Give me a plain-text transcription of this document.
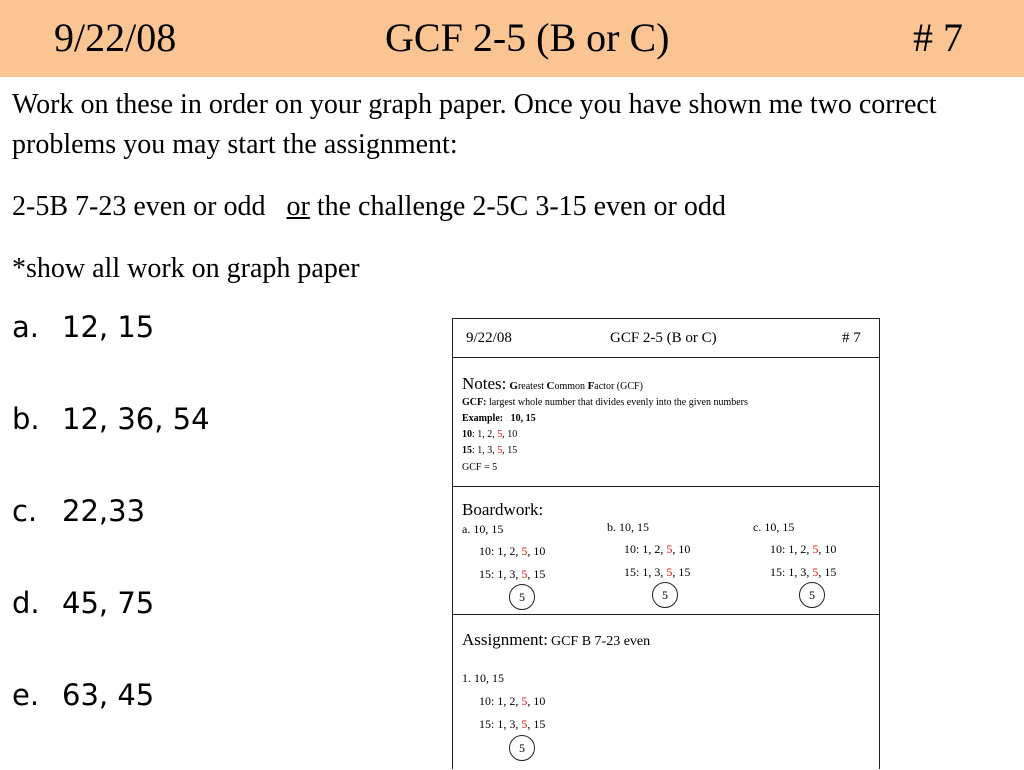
9/22/08	GCF 2-5 (B or C)	# 7
Work on these in order on your graph paper. Once you have shown me two correct problems you may start the assignment:
2-5B 7-23 even or odd or the challenge 2-5C 3-15 even or odd
*show all work on graph paper
a. 12, 15
b. 12, 36, 54
c. 22,33
d. 45, 75
e. 63, 45
9/22/08	GCF 2-5 (B or C)	# 7
Notes: Greatest Common Factor (GCF)
GCF: largest whole number that divides evenly into the given numbers
Example: 10, 15
10: 1, 2, 5, 10
15: 1, 3, 5, 15
GCF = 5
Boardwork:
a. 10, 15
10: 1, 2, 5, 10
15: 1, 3, 5, 15
5
b. 10, 15
10: 1, 2, 5, 10
15: 1, 3, 5, 15
5
c. 10, 15
10: 1, 2, 5, 10
15: 1, 3, 5, 15
5
Assignment: GCF B 7-23 even
1. 10, 15
10: 1, 2, 5, 10
15: 1, 3, 5, 15
5
